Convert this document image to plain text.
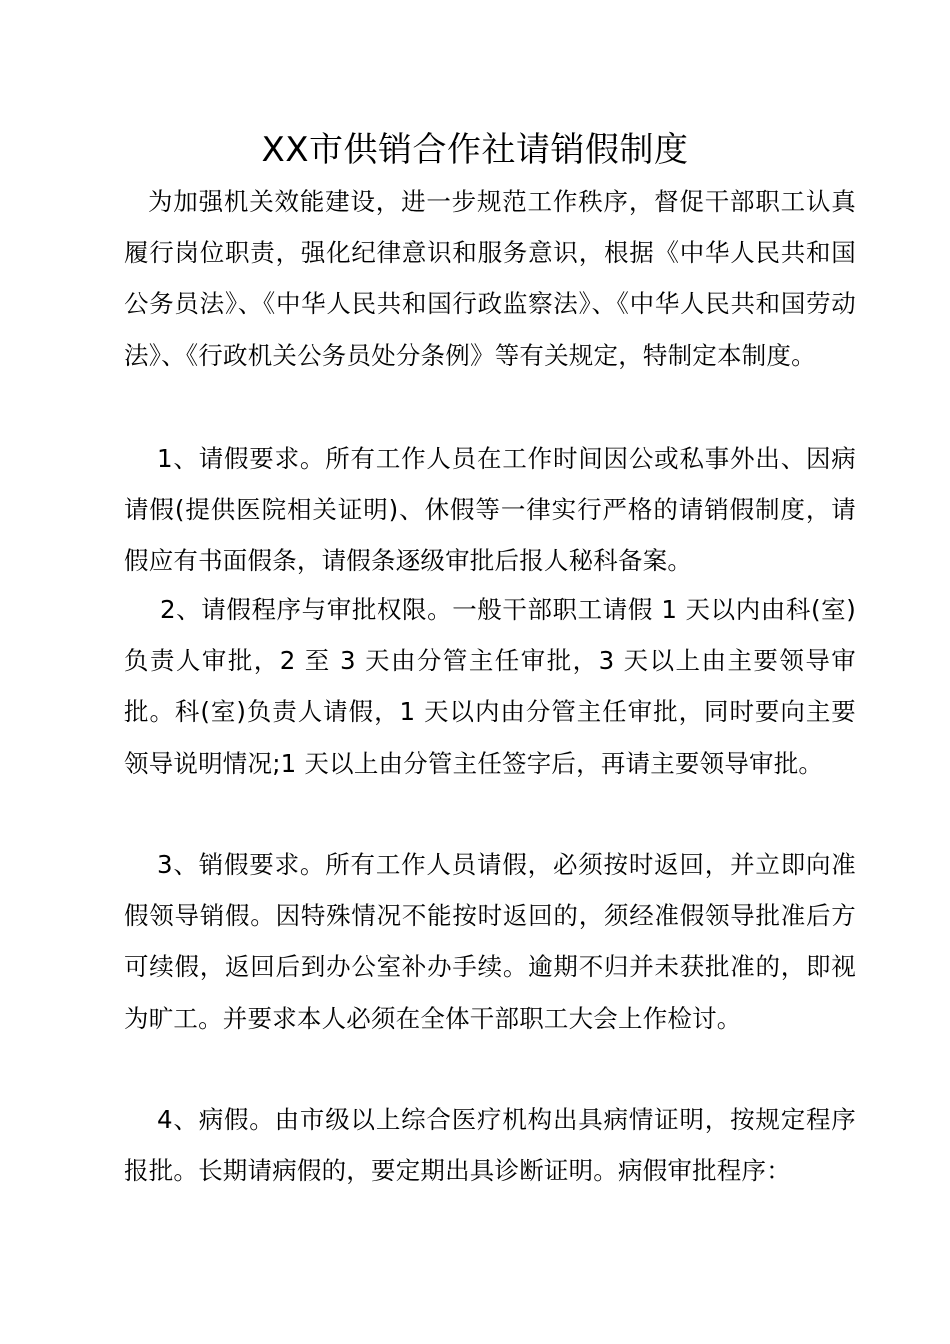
XX市供销合作社请销假制度

为加强机关效能建设，进一步规范工作秩序，督促干部职工认真履行岗位职责，强化纪律意识和服务意识，根据《中华人民共和国公务员法》、《中华人民共和国行政监察法》、《中华人民共和国劳动法》、《行政机关公务员处分条例》等有关规定，特制定本制度。

1、请假要求。所有工作人员在工作时间因公或私事外出、因病请假(提供医院相关证明)、休假等一律实行严格的请销假制度，请假应有书面假条，请假条逐级审批后报人秘科备案。

2、请假程序与审批权限。一般干部职工请假 1 天以内由科(室)负责人审批，2 至 3 天由分管主任审批，3 天以上由主要领导审批。科(室)负责人请假，1 天以内由分管主任审批，同时要向主要领导说明情况;1 天以上由分管主任签字后，再请主要领导审批。

3、销假要求。所有工作人员请假，必须按时返回，并立即向准假领导销假。因特殊情况不能按时返回的，须经准假领导批准后方可续假，返回后到办公室补办手续。逾期不归并未获批准的，即视为旷工。并要求本人必须在全体干部职工大会上作检讨。

4、病假。由市级以上综合医疗机构出具病情证明，按规定程序报批。长期请病假的，要定期出具诊断证明。病假审批程序：
